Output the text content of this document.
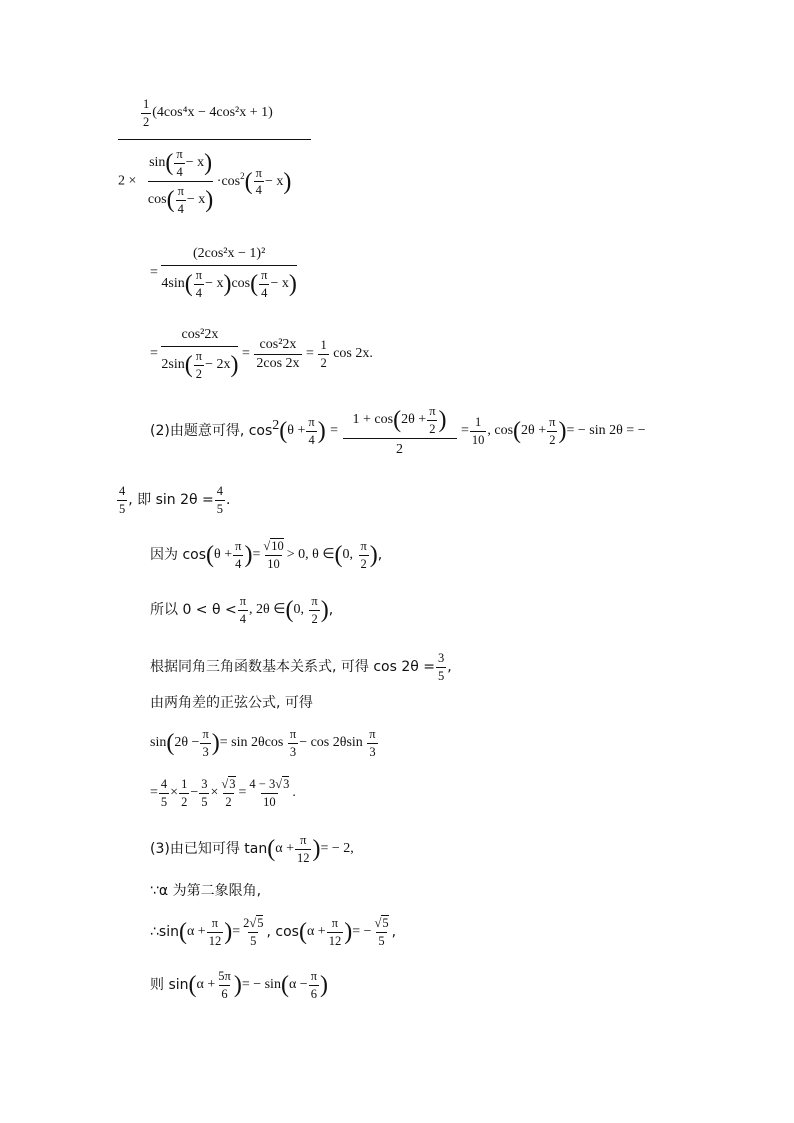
$\frac{1}{2} (4\cos^4x - 4\cos^2x + 1)$
$2 \times \frac{\sin( \frac{\pi}{4} - x)}{\cos( \frac{\pi}{4} - x)} \cdot\cos^2( \frac{\pi}{4} - x)$
= $\frac{\text{(2cos²x − 1)²}}{4\sin( \frac{\pi}{4} - x)\cos( \frac{\pi}{4} - x)}$
= $\frac{\text{cos²2x}}{2\sin( \frac{\pi}{2} - 2x)} = \frac{\text{cos²2x}}{2\cos 2x} = \frac{1}{2}$ cos 2x.
(2)由题意可得, $\cos^2(\theta + \frac{\pi}{4}$ ) = $\frac{1 + \cos(2\theta + \frac{\pi}{2} )}{2} = \frac{1}{10}$ , $\cos(2\theta + \frac{\pi}{2}$ )= − sin 2θ = −
$\frac{4}{5}$ , 即 $\sin 2\theta = \frac{4}{5}$ .
因为 $\cos(\theta + \frac{\pi}{4}$ )= $\frac{√10}{10} > 0$, θ ∈(0, $\frac{\pi}{2}$ ),
所以 $0 < \theta < \frac{\pi}{4}$ , 2θ ∈(0, $\frac{\pi}{2}$ ),
根据同角三角函数基本关系式, 可得 $\cos 2\theta = \frac{3}{5}$ ,
由两角差的正弦公式, 可得
$\sin(2\theta - \frac{\pi}{3}$ )= $\sin 2\theta\cos \frac{\pi}{3} - \cos 2\theta\sin \frac{\pi}{3}$
= $\frac{4}{5} \times \frac{1}{2} - \frac{3}{5} \times \frac{√3}{2} = \frac{4 - 3√3}{10}$ .
(3)由已知可得 $\tan(\alpha + \frac{\pi}{12}$ )= − 2,
∵α 为第二象限角,
∴sin(α + $\frac{\pi}{12}$ )= $\frac{2√5}{5}$ , $\cos(\alpha + \frac{\pi}{12}$ )= − $\frac{√5}{5}$ ,
则 $\sin(\alpha + \frac{5\pi}{6}$ )= − $\sin(\alpha - \frac{\pi}{6}$ )
